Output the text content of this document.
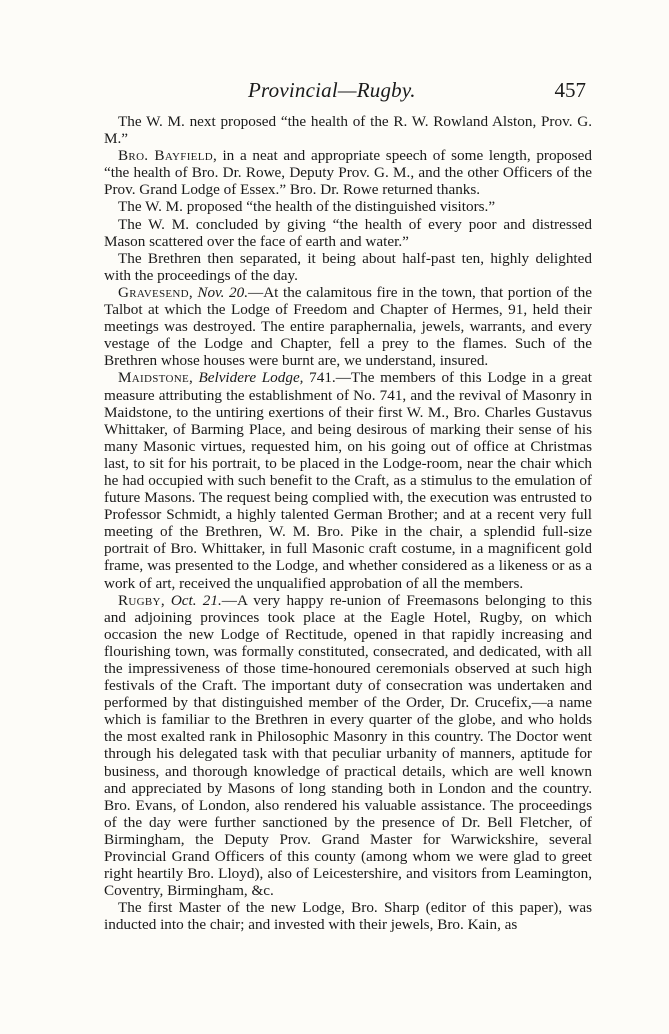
Provincial—Rugby.	457

The W. M. next proposed “the health of the R. W. Rowland Alston, Prov. G. M.”

Bro. Bayfield, in a neat and appropriate speech of some length, proposed “the health of Bro. Dr. Rowe, Deputy Prov. G. M., and the other Officers of the Prov. Grand Lodge of Essex.” Bro. Dr. Rowe returned thanks.

The W. M. proposed “the health of the distinguished visitors.”

The W. M. concluded by giving “the health of every poor and distressed Mason scattered over the face of earth and water.”

The Brethren then separated, it being about half-past ten, highly delighted with the proceedings of the day.

Gravesend, Nov. 20.—At the calamitous fire in the town, that portion of the Talbot at which the Lodge of Freedom and Chapter of Hermes, 91, held their meetings was destroyed. The entire paraphernalia, jewels, warrants, and every vestage of the Lodge and Chapter, fell a prey to the flames. Such of the Brethren whose houses were burnt are, we understand, insured.

Maidstone, Belvidere Lodge, 741.—The members of this Lodge in a great measure attributing the establishment of No. 741, and the revival of Masonry in Maidstone, to the untiring exertions of their first W. M., Bro. Charles Gustavus Whittaker, of Barming Place, and being desirous of marking their sense of his many Masonic virtues, requested him, on his going out of office at Christmas last, to sit for his portrait, to be placed in the Lodge-room, near the chair which he had occupied with such benefit to the Craft, as a stimulus to the emulation of future Masons. The request being complied with, the execution was entrusted to Professor Schmidt, a highly talented German Brother; and at a recent very full meeting of the Brethren, W. M. Bro. Pike in the chair, a splendid full-size portrait of Bro. Whittaker, in full Masonic craft costume, in a magnificent gold frame, was presented to the Lodge, and whether considered as a likeness or as a work of art, received the unqualified approbation of all the members.

Rugby, Oct. 21.—A very happy re-union of Freemasons belonging to this and adjoining provinces took place at the Eagle Hotel, Rugby, on which occasion the new Lodge of Rectitude, opened in that rapidly increasing and flourishing town, was formally constituted, consecrated, and dedicated, with all the impressiveness of those time-honoured ceremonials observed at such high festivals of the Craft. The important duty of consecration was undertaken and performed by that distinguished member of the Order, Dr. Crucefix,—a name which is familiar to the Brethren in every quarter of the globe, and who holds the most exalted rank in Philosophic Masonry in this country. The Doctor went through his delegated task with that peculiar urbanity of manners, aptitude for business, and thorough knowledge of practical details, which are well known and appreciated by Masons of long standing both in London and the country. Bro. Evans, of London, also rendered his valuable assistance. The proceedings of the day were further sanctioned by the presence of Dr. Bell Fletcher, of Birmingham, the Deputy Prov. Grand Master for Warwickshire, several Provincial Grand Officers of this county (among whom we were glad to greet right heartily Bro. Lloyd), also of Leicestershire, and visitors from Leamington, Coventry, Birmingham, &c.

The first Master of the new Lodge, Bro. Sharp (editor of this paper), was inducted into the chair; and invested with their jewels, Bro. Kain, as
